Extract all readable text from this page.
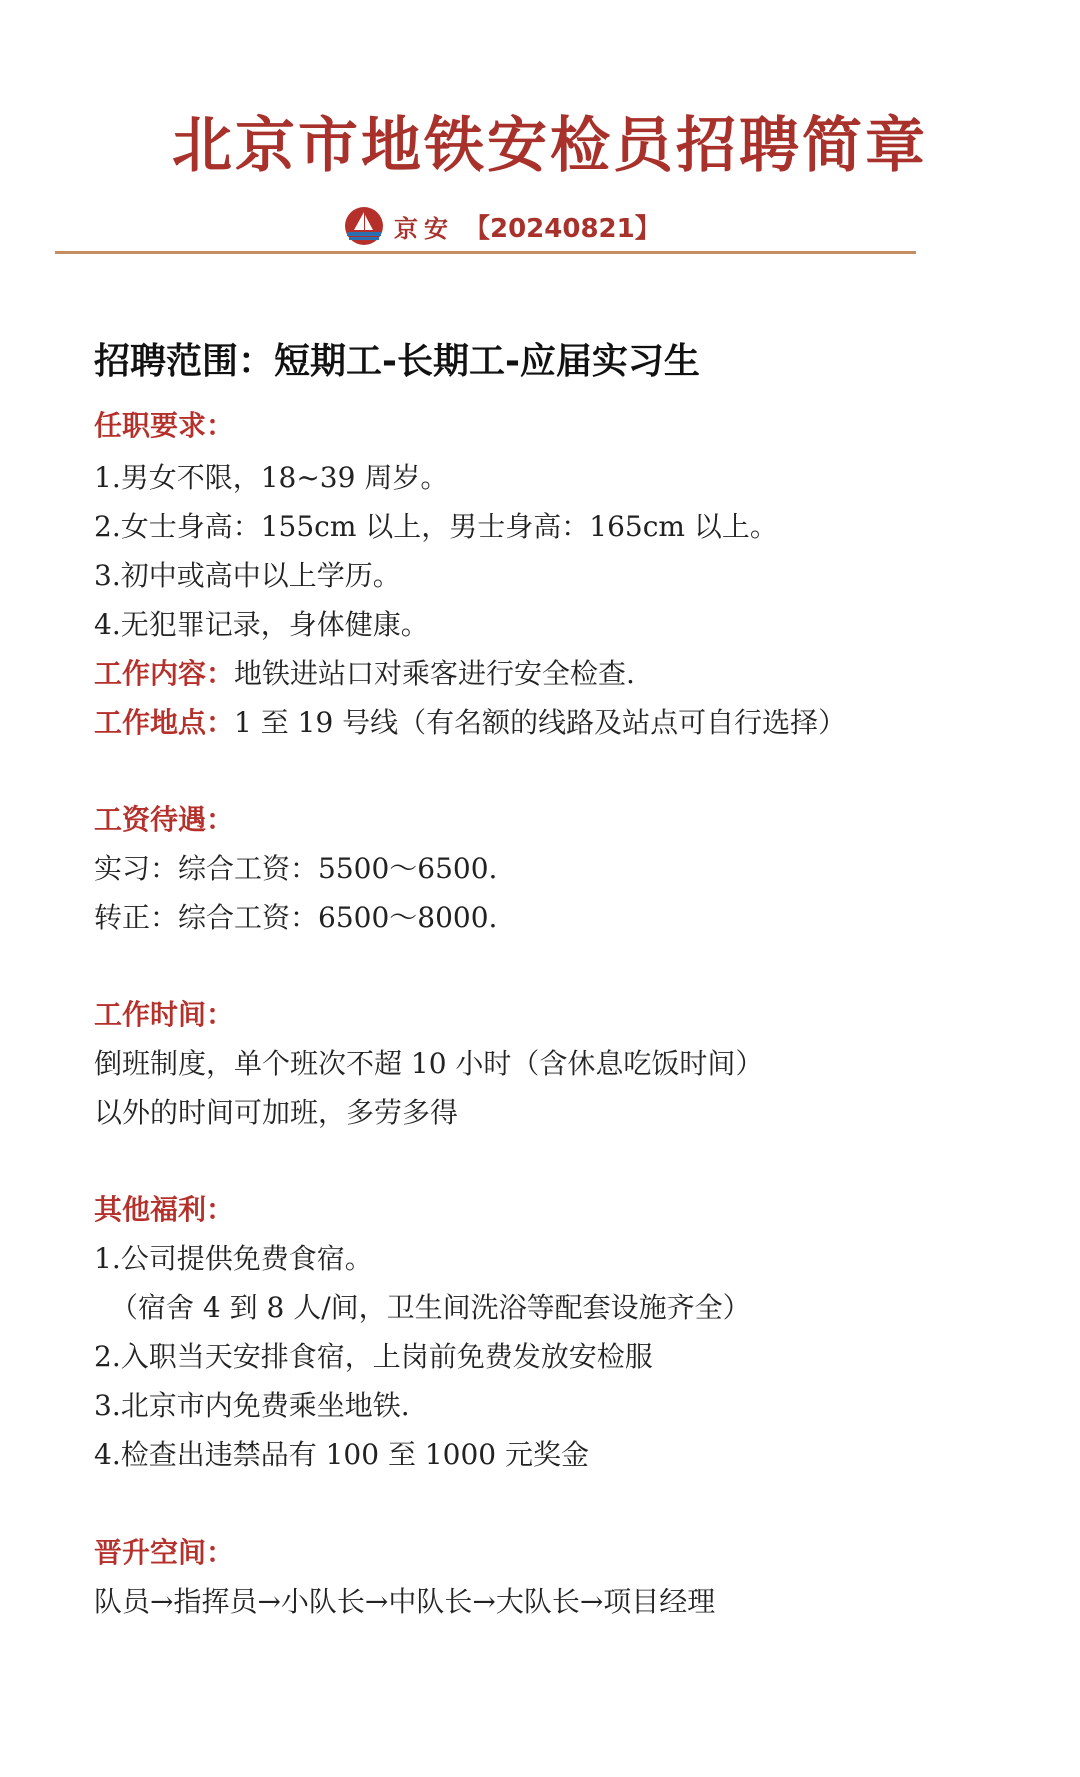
北京市地铁安检员招聘简章
京安 【20240821】
招聘范围：短期工-长期工-应届实习生
任职要求：
1.男女不限，18~39 周岁。
2.女士身高：155cm 以上，男士身高：165cm 以上。
3.初中或高中以上学历。
4.无犯罪记录，身体健康。
工作内容：地铁进站口对乘客进行安全检查.
工作地点：1 至 19 号线（有名额的线路及站点可自行选择）
工资待遇：
实习：综合工资：5500～6500.
转正：综合工资：6500～8000.
工作时间：
倒班制度，单个班次不超 10 小时（含休息吃饭时间）
以外的时间可加班，多劳多得
其他福利：
1.公司提供免费食宿。
（宿舍 4 到 8 人/间，卫生间洗浴等配套设施齐全）
2.入职当天安排食宿，上岗前免费发放安检服
3.北京市内免费乘坐地铁.
4.检查出违禁品有 100 至 1000 元奖金
晋升空间：
队员→指挥员→小队长→中队长→大队长→项目经理
